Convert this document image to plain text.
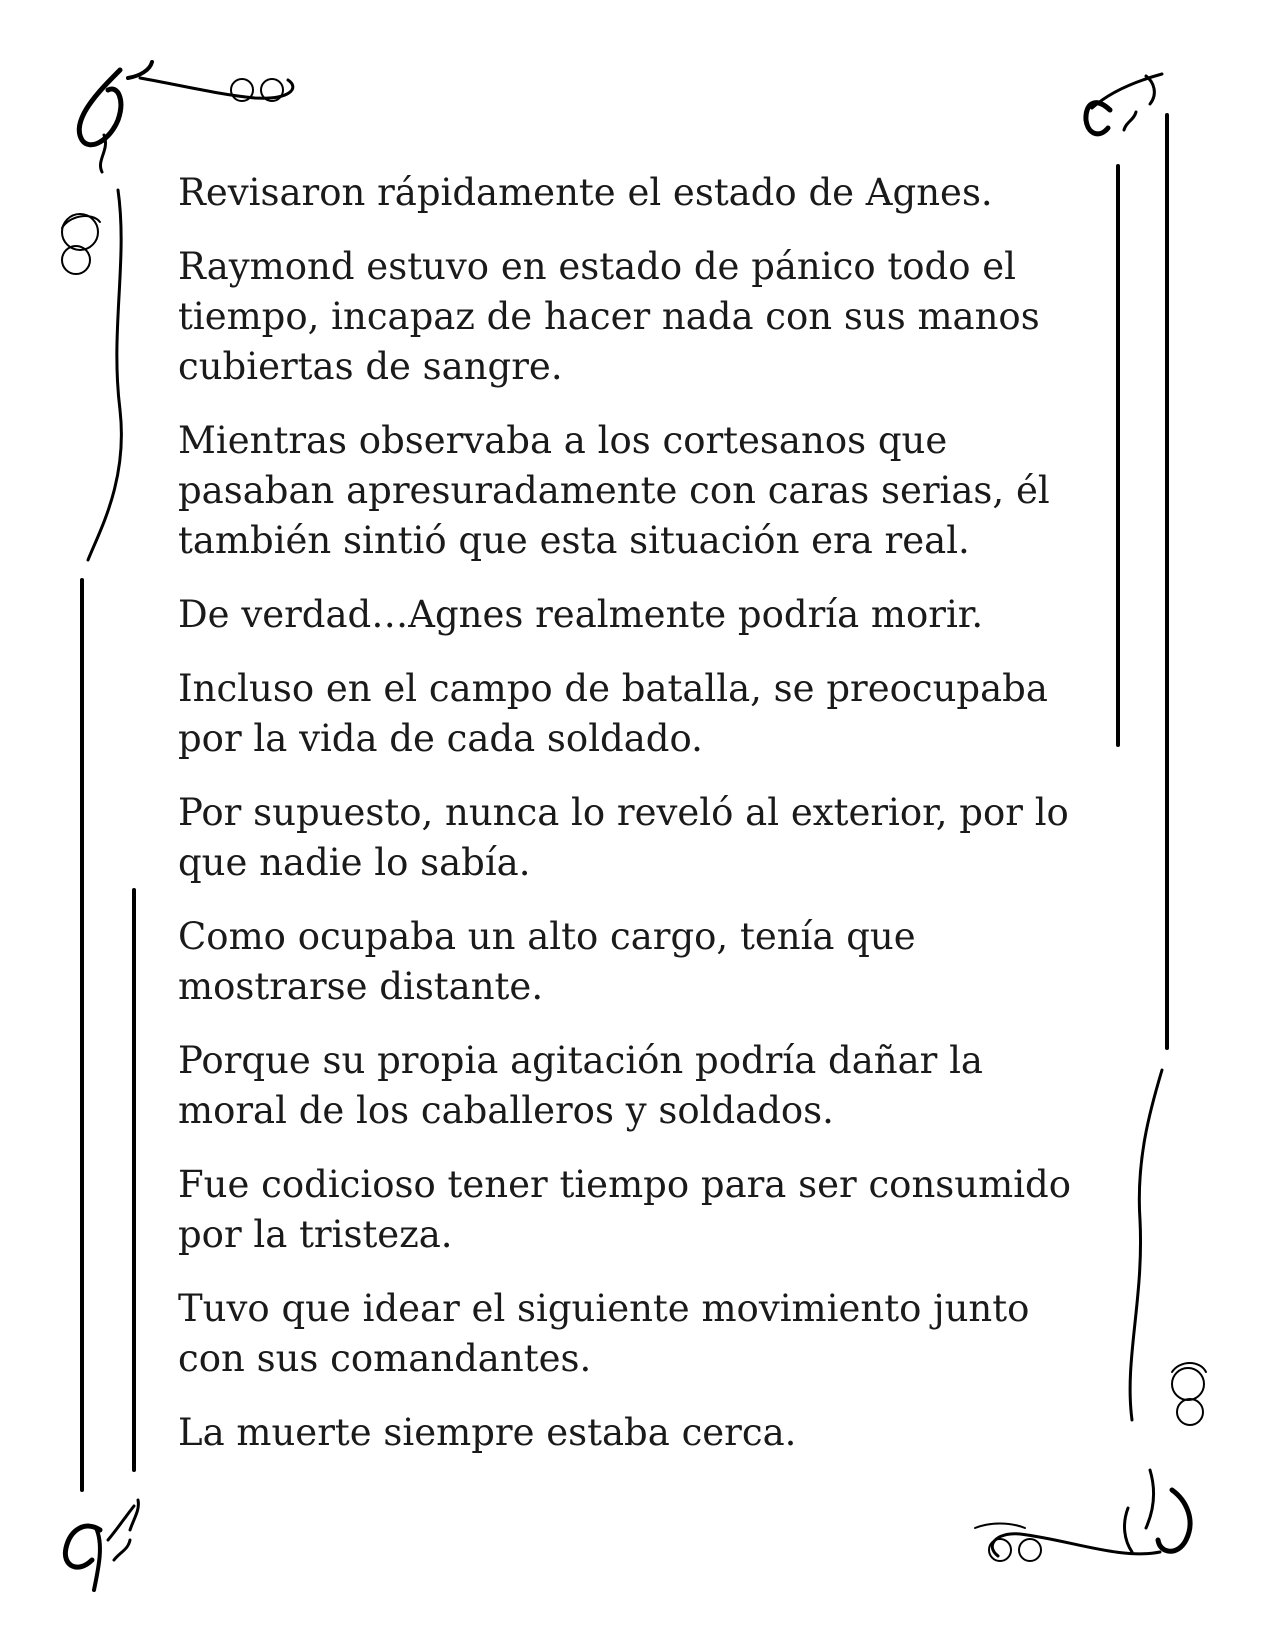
Revisaron rápidamente el estado de Agnes.

Raymond estuvo en estado de pánico todo el
tiempo, incapaz de hacer nada con sus manos
cubiertas de sangre.

Mientras observaba a los cortesanos que
pasaban apresuradamente con caras serias, él
también sintió que esta situación era real.

De verdad…Agnes realmente podría morir.

Incluso en el campo de batalla, se preocupaba
por la vida de cada soldado.

Por supuesto, nunca lo reveló al exterior, por lo
que nadie lo sabía.

Como ocupaba un alto cargo, tenía que
mostrarse distante.

Porque su propia agitación podría dañar la
moral de los caballeros y soldados.

Fue codicioso tener tiempo para ser consumido
por la tristeza.

Tuvo que idear el siguiente movimiento junto
con sus comandantes.

La muerte siempre estaba cerca.
